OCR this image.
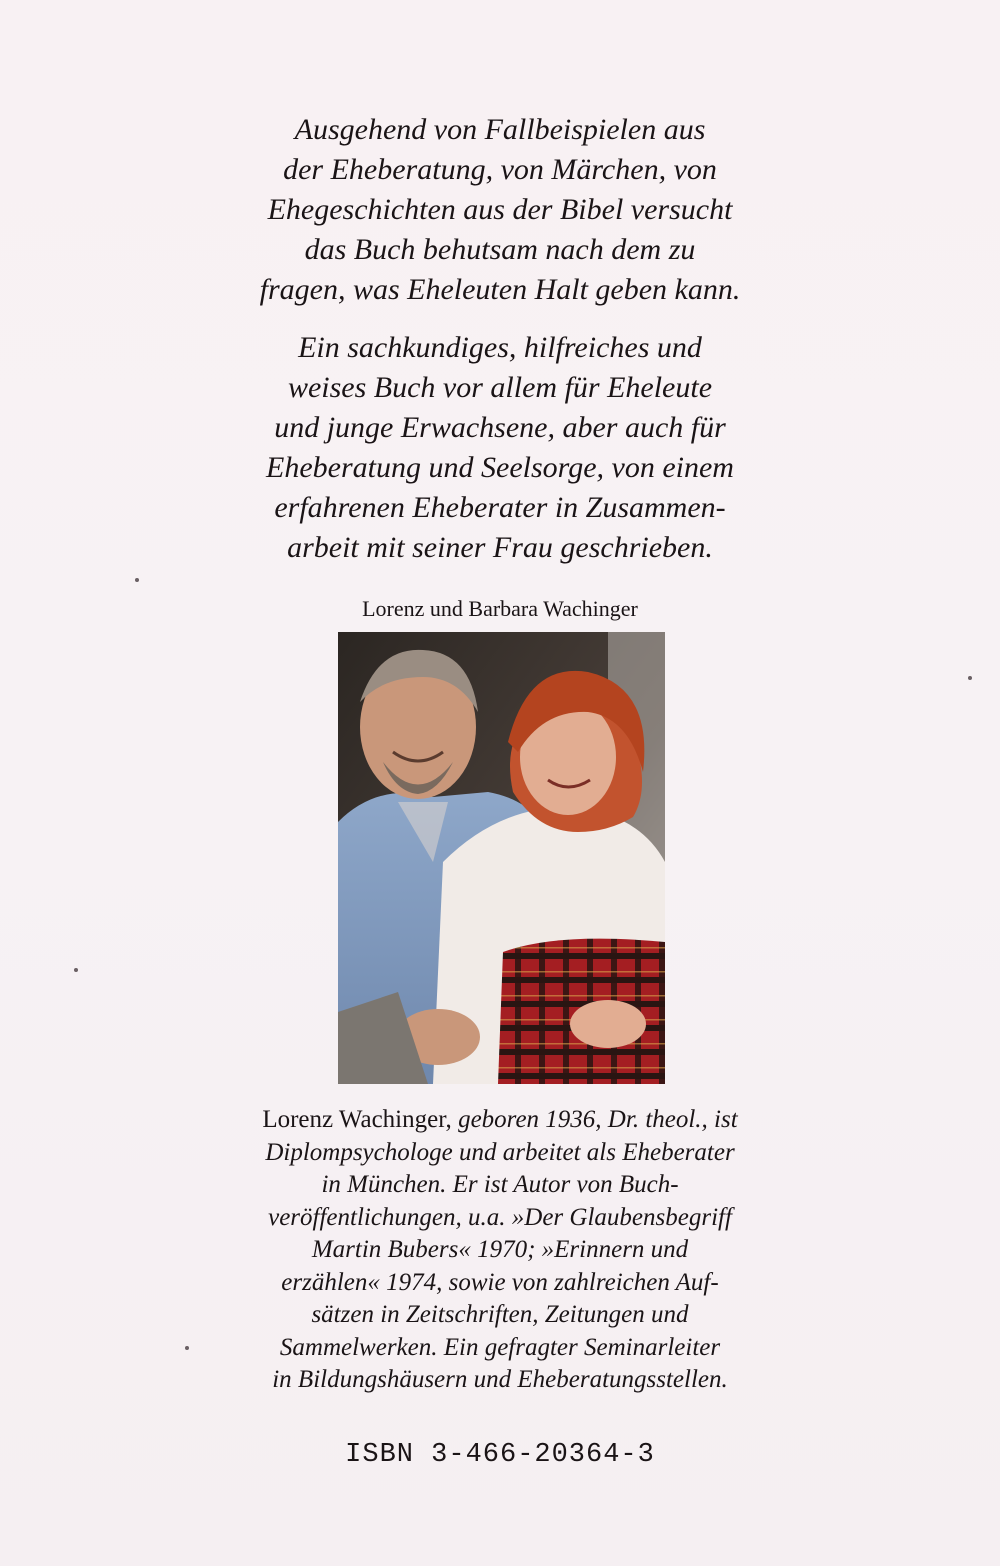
Ausgehend von Fallbeispielen aus
der Eheberatung, von Märchen, von
Ehegeschichten aus der Bibel versucht
das Buch behutsam nach dem zu
fragen, was Eheleuten Halt geben kann.
Ein sachkundiges, hilfreiches und
weises Buch vor allem für Eheleute
und junge Erwachsene, aber auch für
Eheberatung und Seelsorge, von einem
erfahrenen Eheberater in Zusammen-
arbeit mit seiner Frau geschrieben.

Lorenz und Barbara Wachinger

Lorenz Wachinger, geboren 1936, Dr. theol., ist
Diplompsychologe und arbeitet als Eheberater
in München. Er ist Autor von Buch-
veröffentlichungen, u.a. »Der Glaubensbegriff
Martin Bubers« 1970; »Erinnern und
erzählen« 1974, sowie von zahlreichen Auf-
sätzen in Zeitschriften, Zeitungen und
Sammelwerken. Ein gefragter Seminarleiter
in Bildungshäusern und Eheberatungsstellen.

ISBN 3-466-20364-3
